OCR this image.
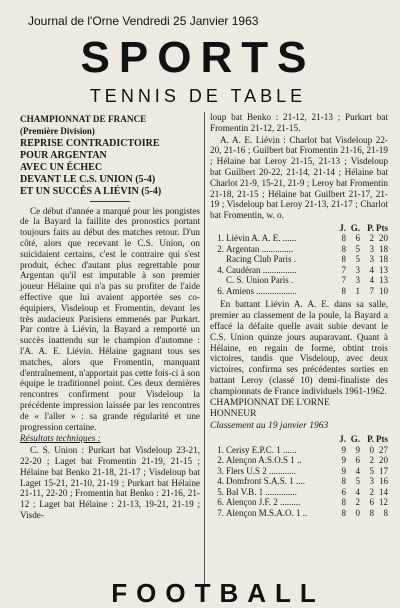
Journal de l'Orne Vendredi 25 Janvier 1963
SPORTS
TENNIS DE TABLE

CHAMPIONNAT DE FRANCE

(Première Division)

REPRISE CONTRADICTOIRE

POUR ARGENTAN

AVEC UN ÉCHEC

DEVANT LE C.S. UNION (5-4)

ET UN SUCCÈS A LIÉVIN (5-4)

Ce début d'année a marqué pour les pongistes de la Bayard la faillite des pronostics portant toujours faits au début des matches retour. D'un côté, alors que recevant le C.S. Union, on suicidaient certains, c'est le contraire qui s'est produit, échec d'autant plus regrettable pour Argentan qu'il est imputable à son premier joueur Hélaine qui n'a pas su profiter de l'aide effective que lui avaient apportée ses co-équipiers, Visdeloup et Fromentin, devant les très audacieux Parisiens emmenés par Purkart. Par contre à Liévin, la Bayard a remporté un succès inattendu sur le champion d'automne : l'A. A. E. Liévin. Hélaine gagnant tous ses matches, alors que Fromentin, manquant d'entraînement, n'apportait pas cette fois-ci à son équipe le traditionnel point. Ces deux dernières rencontres confirment pour Visdeloup la précédente impression laissée par les rencontres de « l'aller » : sa grande régularité et une progression certaine.

Résultats techniques :

C. S. Union : Purkart bat Visdeloup 23-21, 22-20 ; Laget bat Fromentin 21-19, 21-15 ; Hélaine bat Benko 21-18, 21-17 ; Visdeloup bat Laget 15-21, 21-10, 21-19 ; Purkart bat Hélaine 21-11, 22-20 ; Fromentin bat Benko : 21-16, 21-12 ; Laget bat Hélaine : 21-13, 19-21, 21-19 ; Visde-

loup bat Benko : 21-12, 21-13 ; Purkart bat Fromentin 21-12, 21-15.

A. A. E. Liévin : Charlot bat Visdeloup 22-20, 21-16 ; Guilbert bat Fromentin 21-16, 21-19 ; Hélaine bat Leroy 21-15, 21-13 ; Visdeloup bat Guilbert 20-22, 21-14, 21-14 ; Hélaine bat Charlot 21-9, 15-21, 21-9 ; Leroy bat Fromentin 21-18, 21-15 ; Hélaine bat Guilbert 21-17, 21-19 ; Visdeloup bat Leroy 21-13, 21-17 ; Charlot bat Fromentin, w. o.

		J.	G.	P.	Pts
1.	Liévin A. A. E. ......	8	6	2	20
2.	Argentan ..............	8	5	3	18
	Racing Club Paris .	8	5	3	18
4.	Caudéran ...............	7	3	4	13
	C. S. Union Paris .	7	3	4	13
6.	Amiens ..................	8	1	7	10

En battant Liévin A. A. E. dans sa salle, premier au classement de la poule, la Bayard a effacé la défaite quelle avait subie devant le C.S. Union quinze jours auparavant. Quant à Hélaine, en regain de forme, obtint trois victoires, tandis que Visdeloup, avec deux victoires, confirma ses précédentes sorties en battant Leroy (classé 10) demi-finaliste des championnats de France individuels 1961-1962.

CHAMPIONNAT DE L'ORNE

HONNEUR

Classement au 19 janvier 1963

		J.	G.	P.	Pts
1.	Cerisy E.P.C. 1 ......	9	9	0	27
2.	Alençon A.S.O.S 1 ..	9	6	2	20
3.	Flers U.S 2 ............	9	4	5	17
4.	Domfront S.A.S. 1 ....	8	5	3	16
5.	Bal V.B. 1 ..............	6	4	2	14
6.	Alençon J.F. 2 .........	8	2	6	12
7.	Alençon M.S.A.O. 1 ..	8	0	8	8
FOOTBALL
